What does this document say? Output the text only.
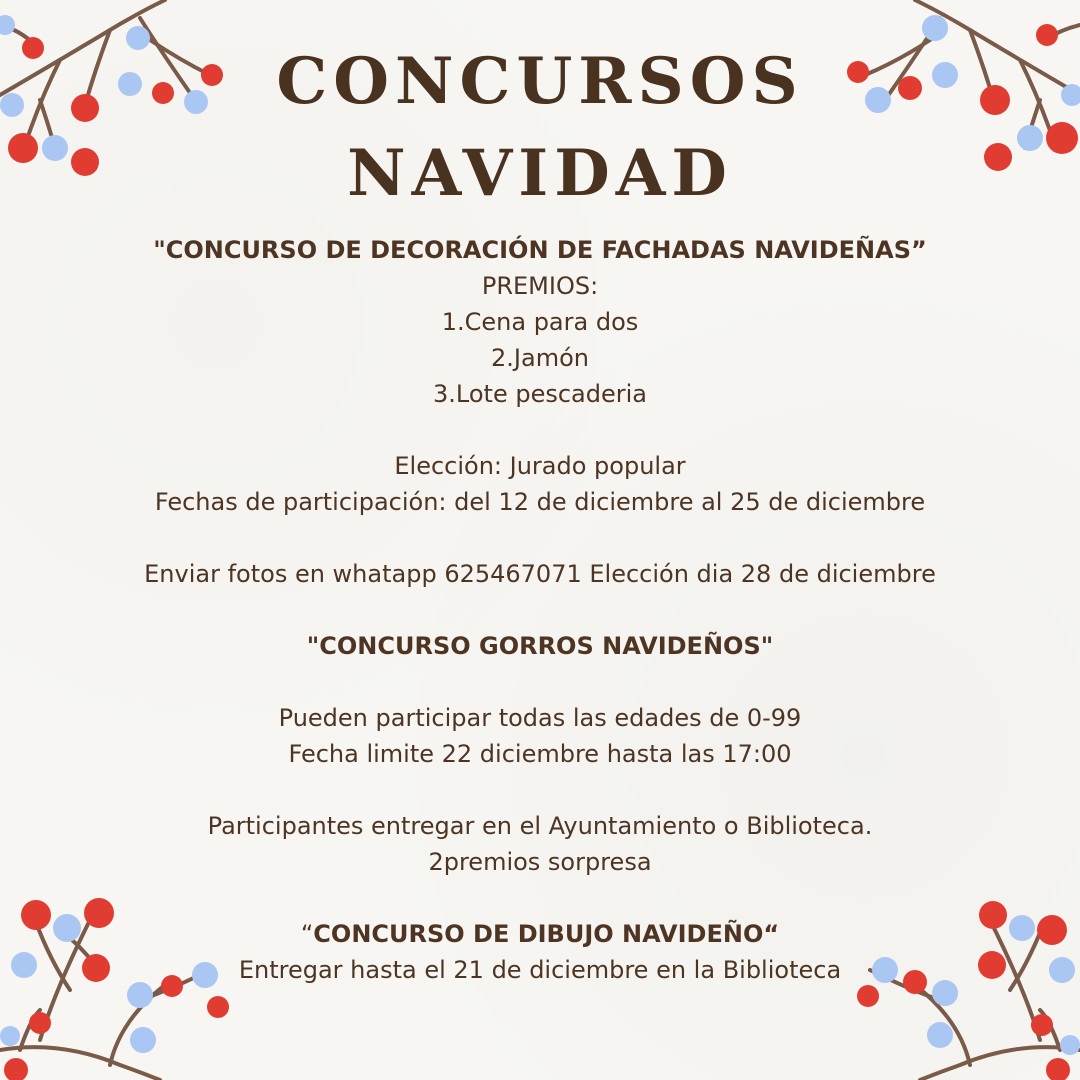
CONCURSOS
NAVIDAD

"CONCURSO DE DECORACIÓN DE FACHADAS NAVIDEÑAS”

PREMIOS:

1.Cena para dos

2.Jamón

3.Lote pescaderia

Elección: Jurado popular

Fechas de participación: del 12 de diciembre al 25 de diciembre

Enviar fotos en whatapp 625467071 Elección dia 28 de diciembre

"CONCURSO GORROS NAVIDEÑOS"

Pueden participar todas las edades de 0-99

Fecha limite 22 diciembre hasta las 17:00

Participantes entregar en el Ayuntamiento o Biblioteca.

2premios sorpresa

“CONCURSO DE DIBUJO NAVIDEÑO“

Entregar hasta el 21 de diciembre en la Biblioteca
